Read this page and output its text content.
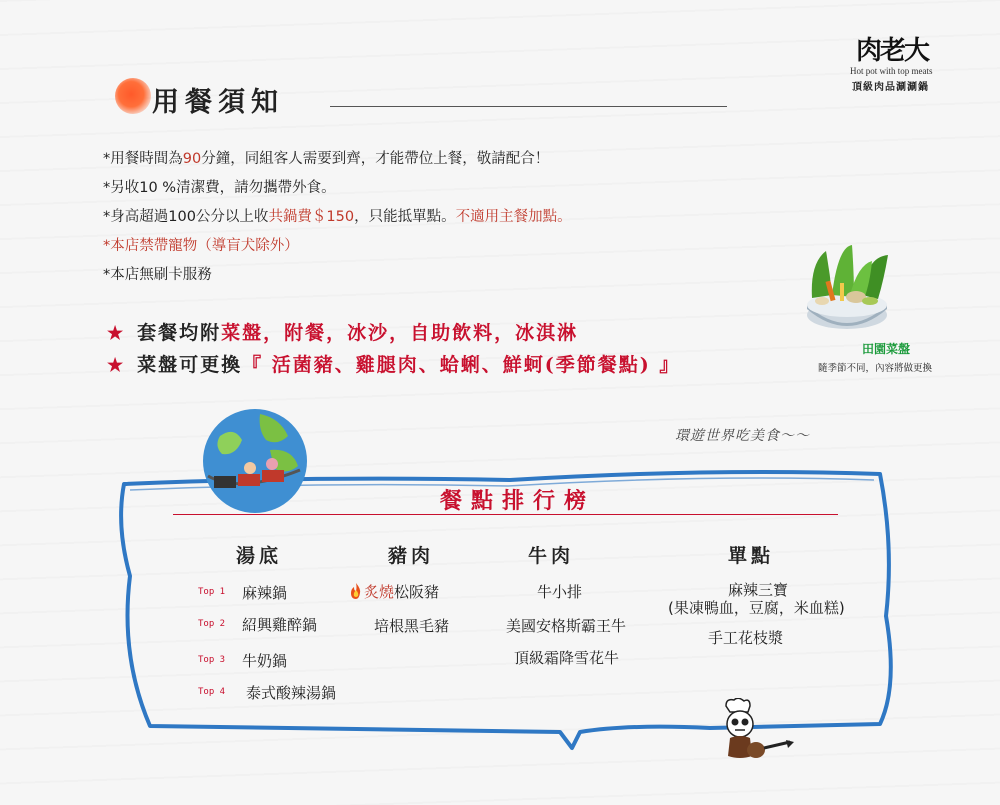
肉老大
Hot pot with top meats
頂級肉品涮涮鍋
用餐須知
*用餐時間為90分鐘，同組客人需要到齊，才能帶位上餐，敬請配合！
*另收10 %清潔費，請勿攜帶外食。
*身高超過100公分以上收共鍋費＄150，只能抵單點。不適用主餐加點。
*本店禁帶寵物（導盲犬除外）
*本店無刷卡服務
★ 套餐均附菜盤，附餐，冰沙，自助飲料，冰淇淋
★ 菜盤可更換『 活菌豬、雞腿肉、蛤蜊、鮮蚵(季節餐點) 』
田園菜盤
隨季節不同，內容將做更換
環遊世界吃美食～～
餐點排行榜
湯底
Top 1 麻辣鍋
Top 2 紹興雞醉鍋
Top 3 牛奶鍋
Top 4 泰式酸辣湯鍋
豬肉
炙燒松阪豬
培根黑毛豬
牛肉
牛小排
美國安格斯霸王牛
頂級霜降雪花牛
單點
麻辣三寶
(果凍鴨血，豆腐，米血糕)
手工花枝漿
